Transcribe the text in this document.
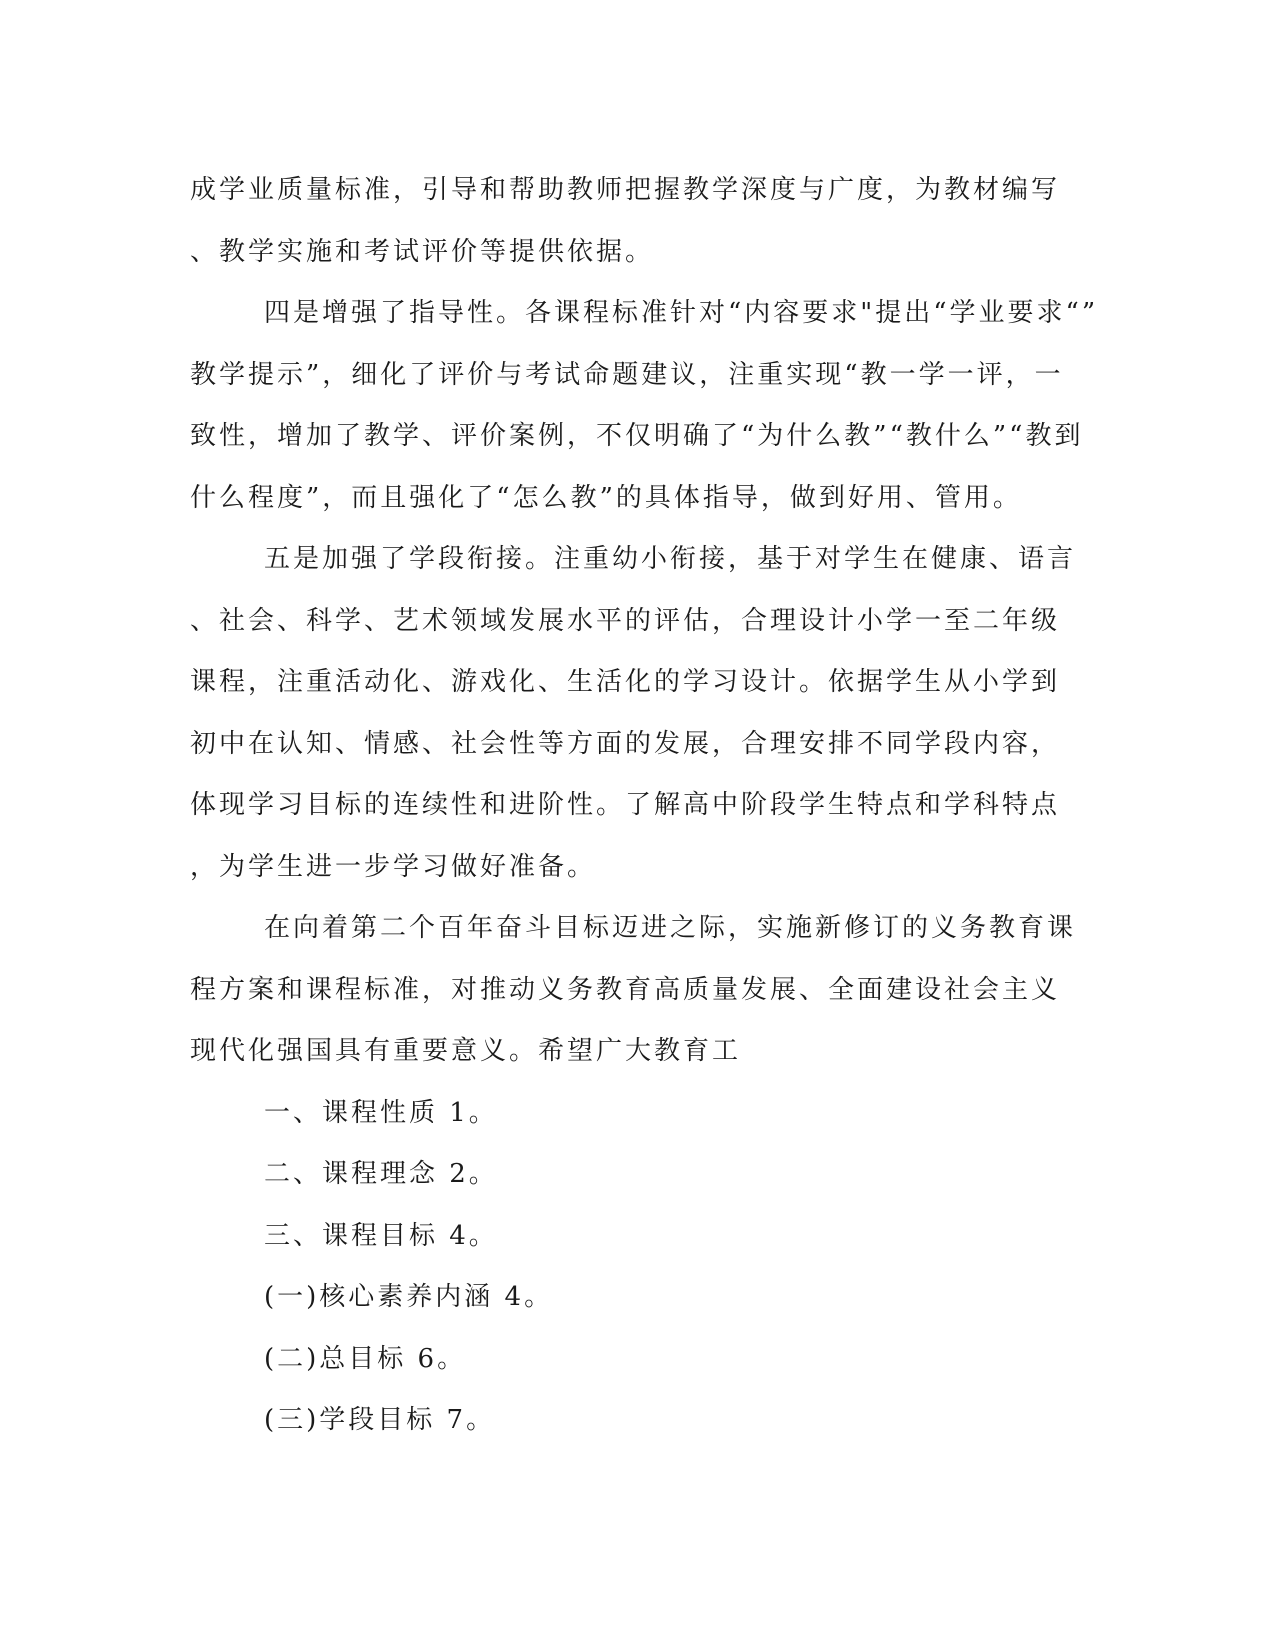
成学业质量标准，引导和帮助教师把握教学深度与广度，为教材编写
、教学实施和考试评价等提供依据。
四是增强了指导性。各课程标准针对“内容要求"提出“学业要求“”
教学提示”，细化了评价与考试命题建议，注重实现“教一学一评，一
致性，增加了教学、评价案例，不仅明确了“为什么教”“教什么”“教到
什么程度”，而且强化了“怎么教”的具体指导，做到好用、管用。
五是加强了学段衔接。注重幼小衔接，基于对学生在健康、语言
、社会、科学、艺术领域发展水平的评估，合理设计小学一至二年级
课程，注重活动化、游戏化、生活化的学习设计。依据学生从小学到
初中在认知、情感、社会性等方面的发展，合理安排不同学段内容，
体现学习目标的连续性和进阶性。了解高中阶段学生特点和学科特点
，为学生进一步学习做好准备。
在向着第二个百年奋斗目标迈进之际，实施新修订的义务教育课
程方案和课程标准，对推动义务教育高质量发展、全面建设社会主义
现代化强国具有重要意义。希望广大教育工
一、课程性质 1。
二、课程理念 2。
三、课程目标 4。
(一)核心素养内涵 4。
(二)总目标 6。
(三)学段目标 7。
